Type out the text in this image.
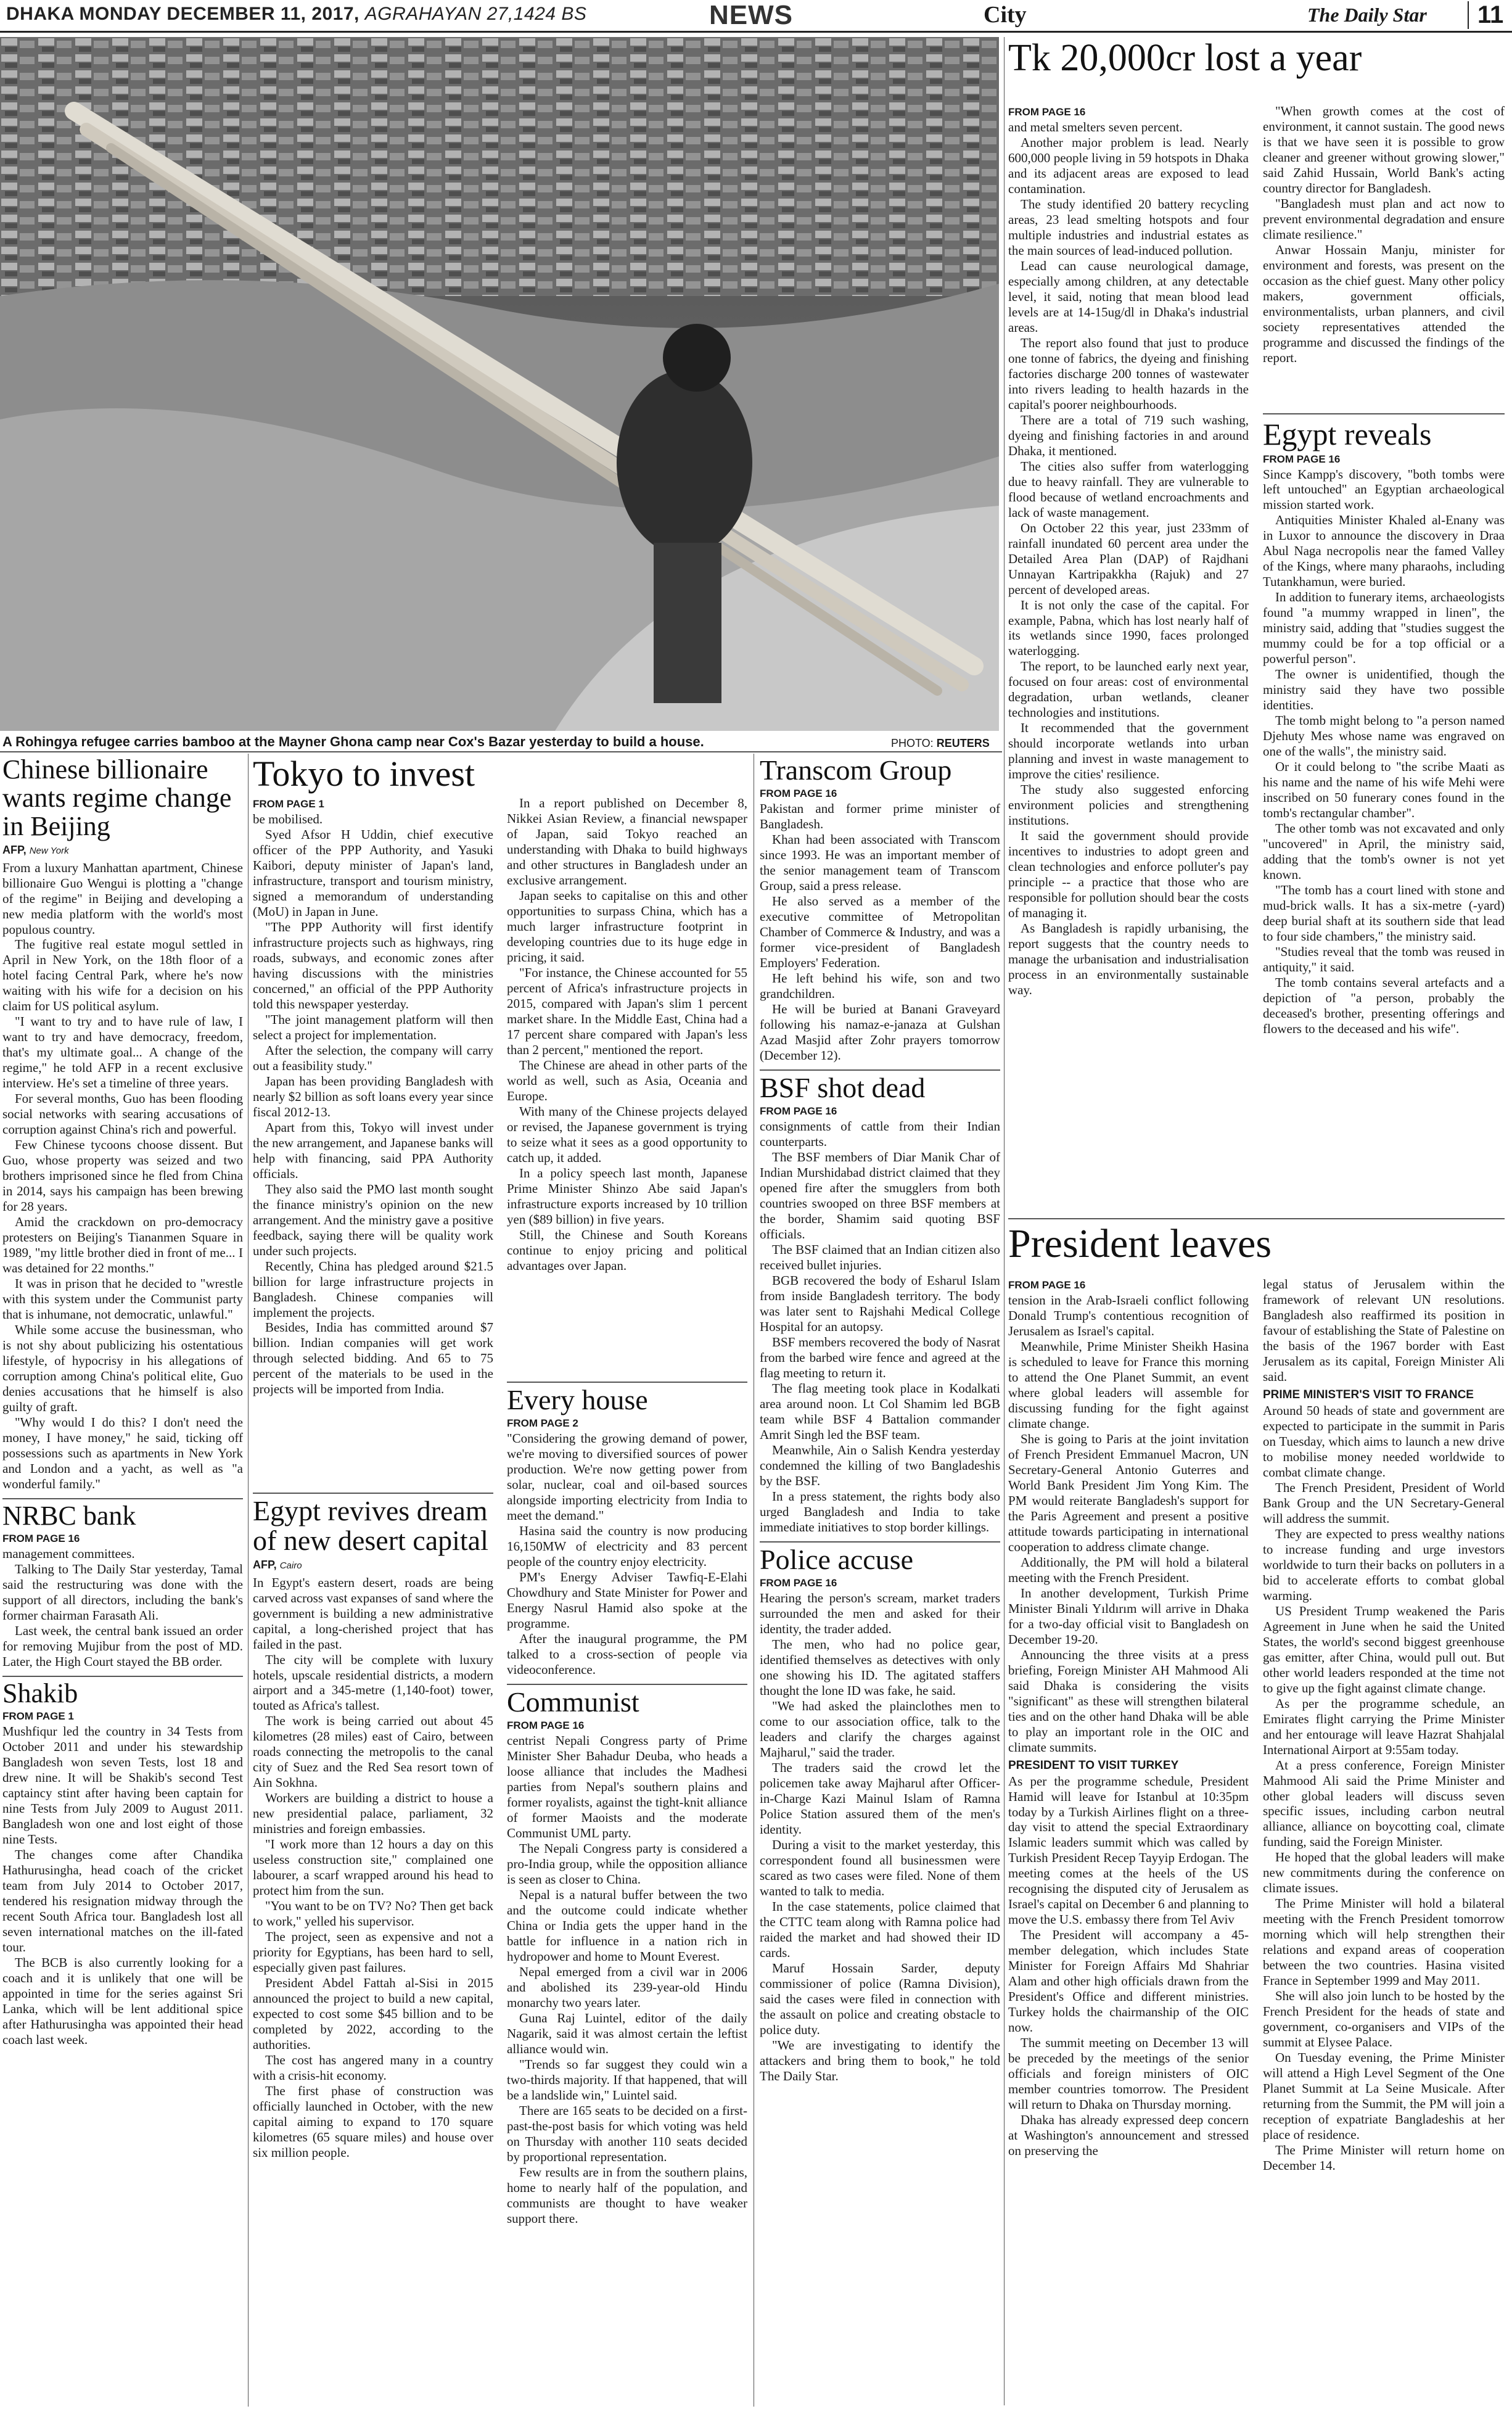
DHAKA MONDAY DECEMBER 11, 2017, AGRAHAYAN 27,1424 BS	NEWS	City	The Daily Star	11
A Rohingya refugee carries bamboo at the Mayner Ghona camp near Cox's Bazar yesterday to build a house.	PHOTO: REUTERS
Tk 20,000cr lost a year
FROM PAGE 16

and metal smelters seven percent.

Another major problem is lead. Nearly 600,000 people living in 59 hotspots in Dhaka and its adjacent areas are exposed to lead contamination.

The study identified 20 battery recycling areas, 23 lead smelting hotspots and four multiple industries and industrial estates as the main sources of lead-induced pollution.

Lead can cause neurological damage, especially among children, at any detectable level, it said, noting that mean blood lead levels are at 14-15ug/dl in Dhaka's industrial areas.

The report also found that just to produce one tonne of fabrics, the dyeing and finishing factories discharge 200 tonnes of wastewater into rivers leading to health hazards in the capital's poorer neighbourhoods.

There are a total of 719 such washing, dyeing and finishing factories in and around Dhaka, it mentioned.

The cities also suffer from waterlogging due to heavy rainfall. They are vulnerable to flood because of wetland encroachments and lack of waste management.

On October 22 this year, just 233mm of rainfall inundated 60 percent area under the Detailed Area Plan (DAP) of Rajdhani Unnayan Kartripakkha (Rajuk) and 27 percent of developed areas.

It is not only the case of the capital. For example, Pabna, which has lost nearly half of its wetlands since 1990, faces prolonged waterlogging.

The report, to be launched early next year, focused on four areas: cost of environmental degradation, urban wetlands, cleaner technologies and institutions.

It recommended that the government should incorporate wetlands into urban planning and invest in waste management to improve the cities' resilience.

The study also suggested enforcing environment policies and strengthening institutions.

It said the government should provide incentives to industries to adopt green and clean technologies and enforce polluter's pay principle -- a practice that those who are responsible for pollution should bear the costs of managing it.

As Bangladesh is rapidly urbanising, the report suggests that the country needs to manage the urbanisation and industrialisation process in an environmentally sustainable way.

"When growth comes at the cost of environment, it cannot sustain. The good news is that we have seen it is possible to grow cleaner and greener without growing slower," said Zahid Hussain, World Bank's acting country director for Bangladesh.

"Bangladesh must plan and act now to prevent environmental degradation and ensure climate resilience."

Anwar Hossain Manju, minister for environment and forests, was present on the occasion as the chief guest. Many other policy makers, government officials, environmentalists, urban planners, and civil society representatives attended the programme and discussed the findings of the report.

Egypt reveals
FROM PAGE 16

Since Kampp's discovery, "both tombs were left untouched" an Egyptian archaeological mission started work.

Antiquities Minister Khaled al-Enany was in Luxor to announce the discovery in Draa Abul Naga necropolis near the famed Valley of the Kings, where many pharaohs, including Tutankhamun, were buried.

In addition to funerary items, archaeologists found "a mummy wrapped in linen", the ministry said, adding that "studies suggest the mummy could be for a top official or a powerful person".

The owner is unidentified, though the ministry said they have two possible identities.

The tomb might belong to "a person named Djehuty Mes whose name was engraved on one of the walls", the ministry said.

Or it could belong to "the scribe Maati as his name and the name of his wife Mehi were inscribed on 50 funerary cones found in the tomb's rectangular chamber".

The other tomb was not excavated and only "uncovered" in April, the ministry said, adding that the tomb's owner is not yet known.

"The tomb has a court lined with stone and mud-brick walls. It has a six-metre (-yard) deep burial shaft at its southern side that lead to four side chambers," the ministry said.

"Studies reveal that the tomb was reused in antiquity," it said.

The tomb contains several artefacts and a depiction of "a person, probably the deceased's brother, presenting offerings and flowers to the deceased and his wife".

President leaves
FROM PAGE 16

tension in the Arab-Israeli conflict following Donald Trump's contentious recognition of Jerusalem as Israel's capital.

Meanwhile, Prime Minister Sheikh Hasina is scheduled to leave for France this morning to attend the One Planet Summit, an event where global leaders will assemble for discussing funding for the fight against climate change.

She is going to Paris at the joint invitation of French President Emmanuel Macron, UN Secretary-General Antonio Guterres and World Bank President Jim Yong Kim. The PM would reiterate Bangladesh's support for the Paris Agreement and present a positive attitude towards participating in international cooperation to address climate change.

Additionally, the PM will hold a bilateral meeting with the French President.

In another development, Turkish Prime Minister Binali Yıldırım will arrive in Dhaka for a two-day official visit to Bangladesh on December 19-20.

Announcing the three visits at a press briefing, Foreign Minister AH Mahmood Ali said Dhaka is considering the visits "significant" as these will strengthen bilateral ties and on the other hand Dhaka will be able to play an important role in the OIC and climate summits.

PRESIDENT TO VISIT TURKEY

As per the programme schedule, President Hamid will leave for Istanbul at 10:35pm today by a Turkish Airlines flight on a three-day visit to attend the special Extraordinary Islamic leaders summit which was called by Turkish President Recep Tayyip Erdogan. The meeting comes at the heels of the US recognising the disputed city of Jerusalem as Israel's capital on December 6 and planning to move the U.S. embassy there from Tel Aviv

The President will accompany a 45-member delegation, which includes State Minister for Foreign Affairs Md Shahriar Alam and other high officials drawn from the President's Office and different ministries. Turkey holds the chairmanship of the OIC now.

The summit meeting on December 13 will be preceded by the meetings of the senior officials and foreign ministers of OIC member countries tomorrow. The President will return to Dhaka on Thursday morning.

Dhaka has already expressed deep concern at Washington's announcement and stressed on preserving the

legal status of Jerusalem within the framework of relevant UN resolutions. Bangladesh also reaffirmed its position in favour of establishing the State of Palestine on the basis of the 1967 border with East Jerusalem as its capital, Foreign Minister Ali said.

PRIME MINISTER'S VISIT TO FRANCE

Around 50 heads of state and government are expected to participate in the summit in Paris on Tuesday, which aims to launch a new drive to mobilise money needed worldwide to combat climate change.

The French President, President of World Bank Group and the UN Secretary-General will address the summit.

They are expected to press wealthy nations to increase funding and urge investors worldwide to turn their backs on polluters in a bid to accelerate efforts to combat global warming.

US President Trump weakened the Paris Agreement in June when he said the United States, the world's second biggest greenhouse gas emitter, after China, would pull out. But other world leaders responded at the time not to give up the fight against climate change.

As per the programme schedule, an Emirates flight carrying the Prime Minister and her entourage will leave Hazrat Shahjalal International Airport at 9:55am today.

At a press conference, Foreign Minister Mahmood Ali said the Prime Minister and other global leaders will discuss seven specific issues, including carbon neutral alliance, alliance on boycotting coal, climate funding, said the Foreign Minister.

He hoped that the global leaders will make new commitments during the conference on climate issues.

The Prime Minister will hold a bilateral meeting with the French President tomorrow morning which will help strengthen their relations and expand areas of cooperation between the two countries. Hasina visited France in September 1999 and May 2011.

She will also join lunch to be hosted by the French President for the heads of state and government, co-organisers and VIPs of the summit at Elysee Palace.

On Tuesday evening, the Prime Minister will attend a High Level Segment of the One Planet Summit at La Seine Musicale. After returning from the Summit, the PM will join a reception of expatriate Bangladeshis at her place of residence.

The Prime Minister will return home on December 14.

Chinese billionaire wants regime change in Beijing
AFP, New York

From a luxury Manhattan apartment, Chinese billionaire Guo Wengui is plotting a "change of the regime" in Beijing and developing a new media platform with the world's most populous country.

The fugitive real estate mogul settled in April in New York, on the 18th floor of a hotel facing Central Park, where he's now waiting with his wife for a decision on his claim for US political asylum.

"I want to try and to have rule of law, I want to try and have democracy, freedom, that's my ultimate goal... A change of the regime," he told AFP in a recent exclusive interview. He's set a timeline of three years.

For several months, Guo has been flooding social networks with searing accusations of corruption against China's rich and powerful.

Few Chinese tycoons choose dissent. But Guo, whose property was seized and two brothers imprisoned since he fled from China in 2014, says his campaign has been brewing for 28 years.

Amid the crackdown on pro-democracy protesters on Beijing's Tiananmen Square in 1989, "my little brother died in front of me... I was detained for 22 months."

It was in prison that he decided to "wrestle with this system under the Communist party that is inhumane, not democratic, unlawful."

While some accuse the businessman, who is not shy about publicizing his ostentatious lifestyle, of hypocrisy in his allegations of corruption among China's political elite, Guo denies accusations that he himself is also guilty of graft.

"Why would I do this? I don't need the money, I have money," he said, ticking off possessions such as apartments in New York and London and a yacht, as well as "a wonderful family."

NRBC bank
FROM PAGE 16

management committees.

Talking to The Daily Star yesterday, Tamal said the restructuring was done with the support of all directors, including the bank's former chairman Farasath Ali.

Last week, the central bank issued an order for removing Mujibur from the post of MD. Later, the High Court stayed the BB order.

Shakib
FROM PAGE 1

Mushfiqur led the country in 34 Tests from October 2011 and under his stewardship Bangladesh won seven Tests, lost 18 and drew nine. It will be Shakib's second Test captaincy stint after having been captain for nine Tests from July 2009 to August 2011. Bangladesh won one and lost eight of those nine Tests.

The changes come after Chandika Hathurusingha, head coach of the cricket team from July 2014 to October 2017, tendered his resignation midway through the recent South Africa tour. Bangladesh lost all seven international matches on the ill-fated tour.

The BCB is also currently looking for a coach and it is unlikely that one will be appointed in time for the series against Sri Lanka, which will be lent additional spice after Hathurusingha was appointed their head coach last week.

Tokyo to invest
FROM PAGE 1

be mobilised.

Syed Afsor H Uddin, chief executive officer of the PPP Authority, and Yasuki Kaibori, deputy minister of Japan's land, infrastructure, transport and tourism ministry, signed a memorandum of understanding (MoU) in Japan in June.

"The PPP Authority will first identify infrastructure projects such as highways, ring roads, subways, and economic zones after having discussions with the ministries concerned," an official of the PPP Authority told this newspaper yesterday.

"The joint management platform will then select a project for implementation.

After the selection, the company will carry out a feasibility study."

Japan has been providing Bangladesh with nearly $2 billion as soft loans every year since fiscal 2012-13.

Apart from this, Tokyo will invest under the new arrangement, and Japanese banks will help with financing, said PPA Authority officials.

They also said the PMO last month sought the finance ministry's opinion on the new arrangement. And the ministry gave a positive feedback, saying there will be quality work under such projects.

Recently, China has pledged around $21.5 billion for large infrastructure projects in Bangladesh. Chinese companies will implement the projects.

Besides, India has committed around $7 billion. Indian companies will get work through selected bidding. And 65 to 75 percent of the materials to be used in the projects will be imported from India.

In a report published on December 8, Nikkei Asian Review, a financial newspaper of Japan, said Tokyo reached an understanding with Dhaka to build highways and other structures in Bangladesh under an exclusive arrangement.

Japan seeks to capitalise on this and other opportunities to surpass China, which has a much larger infrastructure footprint in developing countries due to its huge edge in pricing, it said.

"For instance, the Chinese accounted for 55 percent of Africa's infrastructure projects in 2015, compared with Japan's slim 1 percent market share. In the Middle East, China had a 17 percent share compared with Japan's less than 2 percent," mentioned the report.

The Chinese are ahead in other parts of the world as well, such as Asia, Oceania and Europe.

With many of the Chinese projects delayed or revised, the Japanese government is trying to seize what it sees as a good opportunity to catch up, it added.

In a policy speech last month, Japanese Prime Minister Shinzo Abe said Japan's infrastructure exports increased by 10 trillion yen ($89 billion) in five years.

Still, the Chinese and South Koreans continue to enjoy pricing and political advantages over Japan.

Egypt revives dream of new desert capital
AFP, Cairo

In Egypt's eastern desert, roads are being carved across vast expanses of sand where the government is building a new administrative capital, a long-cherished project that has failed in the past.

The city will be complete with luxury hotels, upscale residential districts, a modern airport and a 345-metre (1,140-foot) tower, touted as Africa's tallest.

The work is being carried out about 45 kilometres (28 miles) east of Cairo, between roads connecting the metropolis to the canal city of Suez and the Red Sea resort town of Ain Sokhna.

Workers are building a district to house a new presidential palace, parliament, 32 ministries and foreign embassies.

"I work more than 12 hours a day on this useless construction site," complained one labourer, a scarf wrapped around his head to protect him from the sun.

"You want to be on TV? No? Then get back to work," yelled his supervisor.

The project, seen as expensive and not a priority for Egyptians, has been hard to sell, especially given past failures.

President Abdel Fattah al-Sisi in 2015 announced the project to build a new capital, expected to cost some $45 billion and to be completed by 2022, according to the authorities.

The cost has angered many in a country with a crisis-hit economy.

The first phase of construction was officially launched in October, with the new capital aiming to expand to 170 square kilometres (65 square miles) and house over six million people.

Every house
FROM PAGE 2

"Considering the growing demand of power, we're moving to diversified sources of power production. We're now getting power from solar, nuclear, coal and oil-based sources alongside importing electricity from India to meet the demand."

Hasina said the country is now producing 16,150MW of electricity and 83 percent people of the country enjoy electricity.

PM's Energy Adviser Tawfiq-E-Elahi Chowdhury and State Minister for Power and Energy Nasrul Hamid also spoke at the programme.

After the inaugural programme, the PM talked to a cross-section of people via videoconference.

Communist
FROM PAGE 16

centrist Nepali Congress party of Prime Minister Sher Bahadur Deuba, who heads a loose alliance that includes the Madhesi parties from Nepal's southern plains and former royalists, against the tight-knit alliance of former Maoists and the moderate Communist UML party.

The Nepali Congress party is considered a pro-India group, while the opposition alliance is seen as closer to China.

Nepal is a natural buffer between the two and the outcome could indicate whether China or India gets the upper hand in the battle for influence in a nation rich in hydropower and home to Mount Everest.

Nepal emerged from a civil war in 2006 and abolished its 239-year-old Hindu monarchy two years later.

Guna Raj Luintel, editor of the daily Nagarik, said it was almost certain the leftist alliance would win.

"Trends so far suggest they could win a two-thirds majority. If that happened, that will be a landslide win," Luintel said.

There are 165 seats to be decided on a first-past-the-post basis for which voting was held on Thursday with another 110 seats decided by proportional representation.

Few results are in from the southern plains, home to nearly half of the population, and communists are thought to have weaker support there.

Transcom Group
FROM PAGE 16

Pakistan and former prime minister of Bangladesh.

Khan had been associated with Transcom since 1993. He was an important member of the senior management team of Transcom Group, said a press release.

He also served as a member of the executive committee of Metropolitan Chamber of Commerce & Industry, and was a former vice-president of Bangladesh Employers' Federation.

He left behind his wife, son and two grandchildren.

He will be buried at Banani Graveyard following his namaz-e-janaza at Gulshan Azad Masjid after Zohr prayers tomorrow (December 12).

BSF shot dead
FROM PAGE 16

consignments of cattle from their Indian counterparts.

The BSF members of Diar Manik Char of Indian Murshidabad district claimed that they opened fire after the smugglers from both countries swooped on three BSF members at the border, Shamim said quoting BSF officials.

The BSF claimed that an Indian citizen also received bullet injuries.

BGB recovered the body of Esharul Islam from inside Bangladesh territory. The body was later sent to Rajshahi Medical College Hospital for an autopsy.

BSF members recovered the body of Nasrat from the barbed wire fence and agreed at the flag meeting to return it.

The flag meeting took place in Kodalkati area around noon. Lt Col Shamim led BGB team while BSF 4 Battalion commander Amrit Singh led the BSF team.

Meanwhile, Ain o Salish Kendra yesterday condemned the killing of two Bangladeshis by the BSF.

In a press statement, the rights body also urged Bangladesh and India to take immediate initiatives to stop border killings.

Police accuse
FROM PAGE 16

Hearing the person's scream, market traders surrounded the men and asked for their identity, the trader added.

The men, who had no police gear, identified themselves as detectives with only one showing his ID. The agitated staffers thought the lone ID was fake, he said.

"We had asked the plainclothes men to come to our association office, talk to the leaders and clarify the charges against Majharul," said the trader.

The traders said the crowd let the policemen take away Majharul after Officer-in-Charge Kazi Mainul Islam of Ramna Police Station assured them of the men's identity.

During a visit to the market yesterday, this correspondent found all businessmen were scared as two cases were filed. None of them wanted to talk to media.

In the case statements, police claimed that the CTTC team along with Ramna police had raided the market and had showed their ID cards.

Maruf Hossain Sarder, deputy commissioner of police (Ramna Division), said the cases were filed in connection with the assault on police and creating obstacle to police duty.

"We are investigating to identify the attackers and bring them to book," he told The Daily Star.
